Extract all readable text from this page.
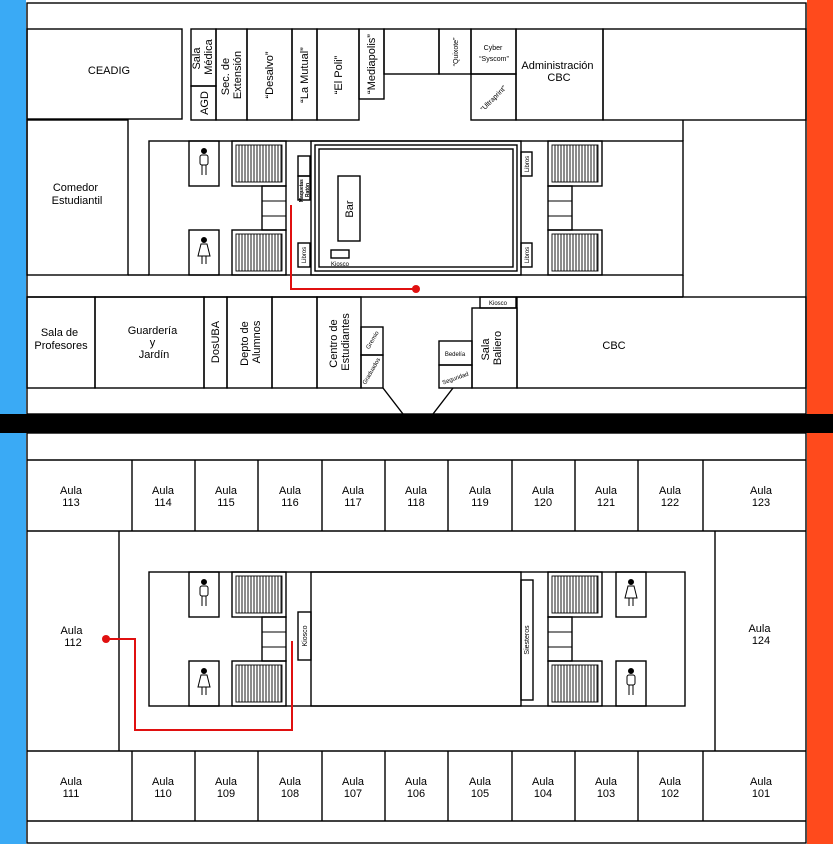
CEADIG
Sala Médica
AGD
Sec. de Extensión “Desalvo” “La Mutual” “El Poli” “Mediapolis”	“Quixote”	Cyber “Syscom”
“Ultraprint”
Administración CBC
Comedor Estudiantil	Maquetas Ratón
Libros
Libros
Libros
Bar
Kiosco
Sala de Profesores
Guardería y Jardín	DosUBA Depto de Alumnos	Centro de Estudiantes Gremio
Graduados
Kiosco
Bedelía
Seguridad
Sala Baliero	CBC
Aula 112
Aula 124
Kiosco	Siesteros
Aula 113
Aula 114
Aula 115
Aula 116
Aula 117
Aula 118
Aula 119
Aula 120
Aula 121
Aula 122
Aula 123
Aula 111
Aula 110
Aula 109
Aula 108
Aula 107
Aula 106
Aula 105
Aula 104
Aula 103
Aula 102
Aula 101
